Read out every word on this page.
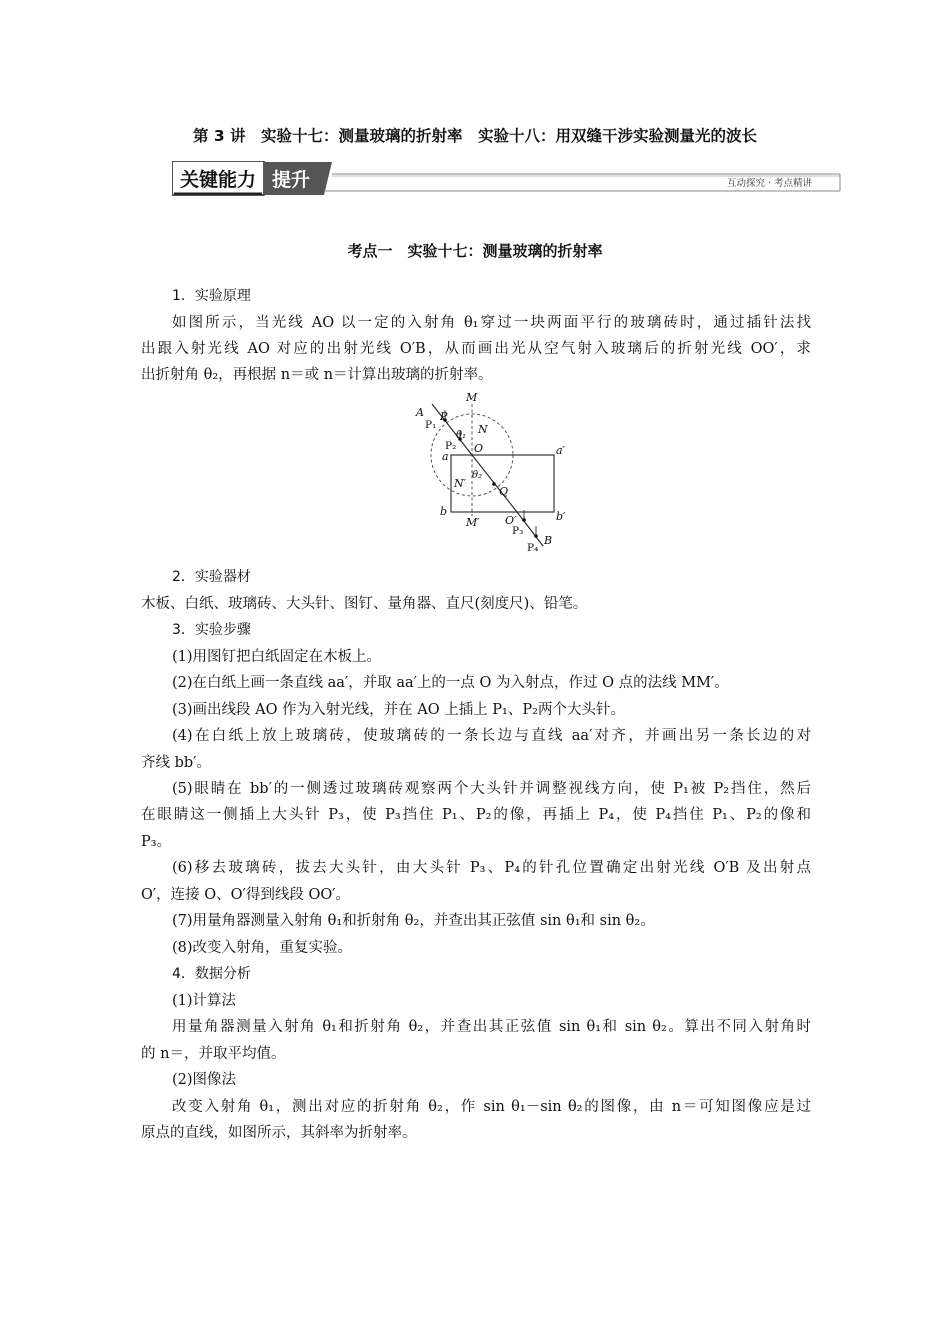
第 3 讲　实验十七：测量玻璃的折射率　实验十八：用双缝干涉实验测量光的波长
关键能力 提升	互动探究 · 考点精讲
考点一　实验十七：测量玻璃的折射率
1．实验原理
如图所示，当光线 AO 以一定的入射角 θ₁穿过一块两面平行的玻璃砖时，通过插针法找
出跟入射光线 AO 对应的出射光线 O′B，从而画出光从空气射入玻璃后的折射光线 OO′，求
出折射角 θ₂，再根据 n＝或 n＝计算出玻璃的折射率。
A
M
P
N
θ₁
O
a	a′
θ₂
N′
Q
b
M′ O′	b′
B
P₁
P₂
P₃
P₄
2．实验器材
木板、白纸、玻璃砖、大头针、图钉、量角器、直尺(刻度尺)、铅笔。
3．实验步骤
(1)用图钉把白纸固定在木板上。
(2)在白纸上画一条直线 aa′，并取 aa′上的一点 O 为入射点，作过 O 点的法线 MM′。
(3)画出线段 AO 作为入射光线，并在 AO 上插上 P₁、P₂两个大头针。
(4)在白纸上放上玻璃砖，使玻璃砖的一条长边与直线 aa′对齐，并画出另一条长边的对
齐线 bb′。
(5)眼睛在 bb′的一侧透过玻璃砖观察两个大头针并调整视线方向，使 P₁被 P₂挡住，然后
在眼睛这一侧插上大头针 P₃，使 P₃挡住 P₁、P₂的像，再插上 P₄，使 P₄挡住 P₁、P₂的像和
P₃。
(6)移去玻璃砖，拔去大头针，由大头针 P₃、P₄的针孔位置确定出射光线 O′B 及出射点
O′，连接 O、O′得到线段 OO′。
(7)用量角器测量入射角 θ₁和折射角 θ₂，并查出其正弦值 sin θ₁和 sin θ₂。
(8)改变入射角，重复实验。
4．数据分析
(1)计算法
用量角器测量入射角 θ₁和折射角 θ₂，并查出其正弦值 sin θ₁和 sin θ₂。算出不同入射角时
的 n＝，并取平均值。
(2)图像法
改变入射角 θ₁，测出对应的折射角 θ₂，作 sin θ₁－sin θ₂的图像，由 n＝可知图像应是过
原点的直线，如图所示，其斜率为折射率。
